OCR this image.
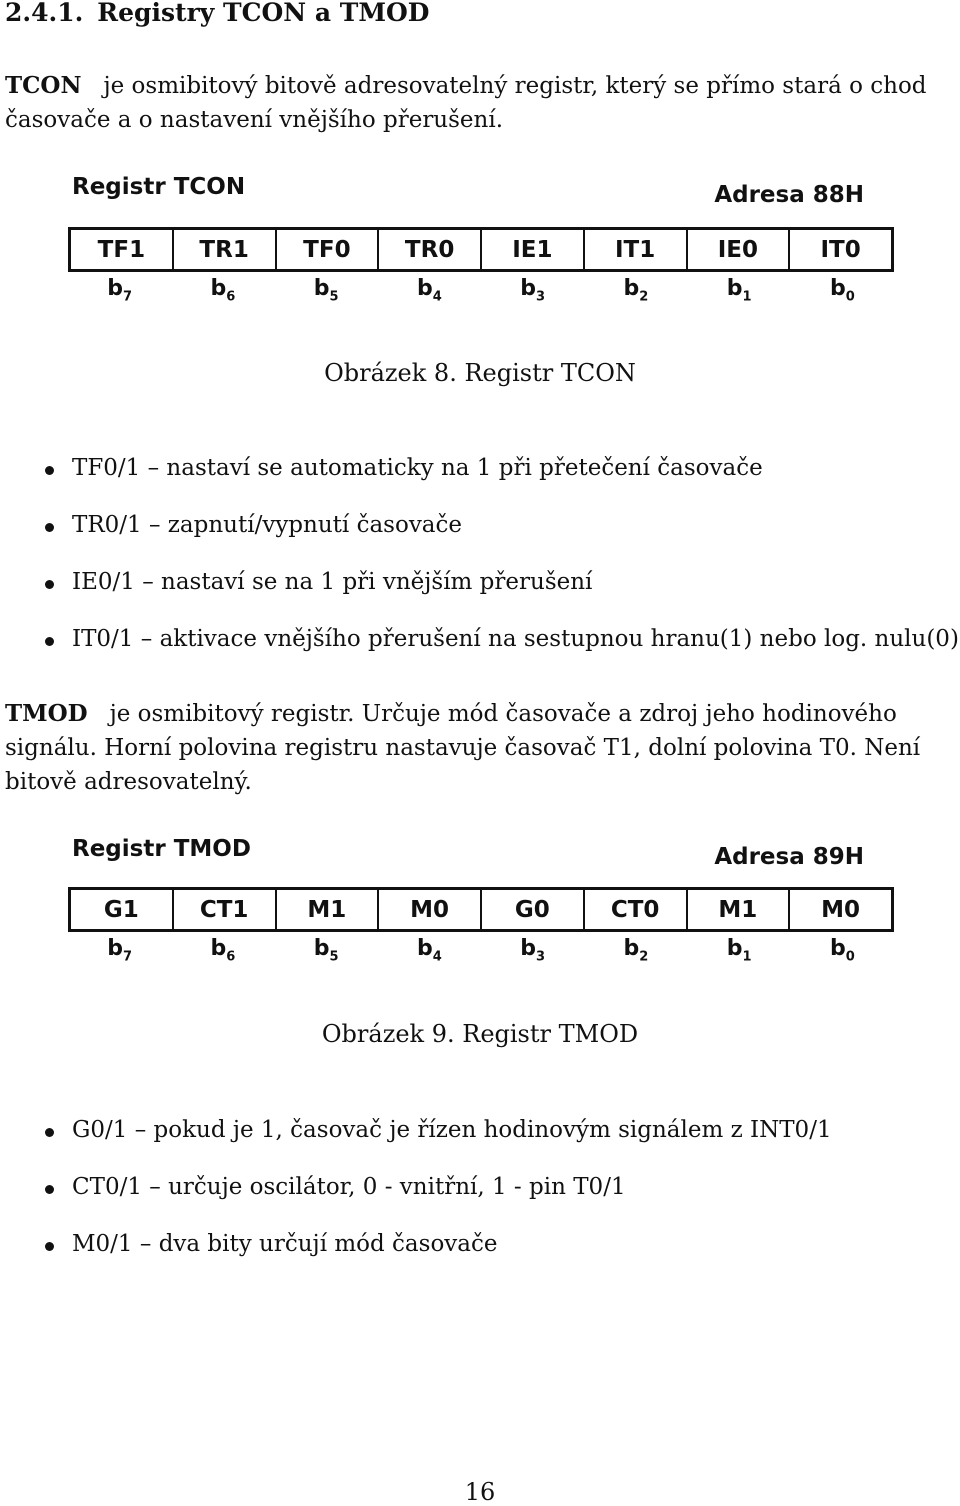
2.4.1. Registry TCON a TMOD
TCON je osmibitový bitově adresovatelný registr, který se přímo stará o chod
časovače a o nastavení vnějšího přerušení.
Registr TCON	Adresa 88H
TF1	TR1	TF0	TR0	IE1	IT1	IE0	IT0
$b_7$	$b_6$	$b_5$	$b_4$	$b_3$	$b_2$	$b_1$	$b_0$
Obrázek 8. Registr TCON
TF0/1 – nastaví se automaticky na 1 při přetečení časovače
TR0/1 – zapnutí/vypnutí časovače
IE0/1 – nastaví se na 1 při vnějším přerušení
IT0/1 – aktivace vnějšího přerušení na sestupnou hranu(1) nebo log. nulu(0)
TMOD je osmibitový registr. Určuje mód časovače a zdroj jeho hodinového
signálu. Horní polovina registru nastavuje časovač T1, dolní polovina T0. Není
bitově adresovatelný.
Registr TMOD	Adresa 89H
G1	CT1	M1	M0	G0	CT0	M1	M0
$b_7$	$b_6$	$b_5$	$b_4$	$b_3$	$b_2$	$b_1$	$b_0$
Obrázek 9. Registr TMOD
G0/1 – pokud je 1, časovač je řízen hodinovým signálem z INT0/1
CT0/1 – určuje oscilátor, 0 - vnitřní, 1 - pin T0/1
M0/1 – dva bity určují mód časovače
16
